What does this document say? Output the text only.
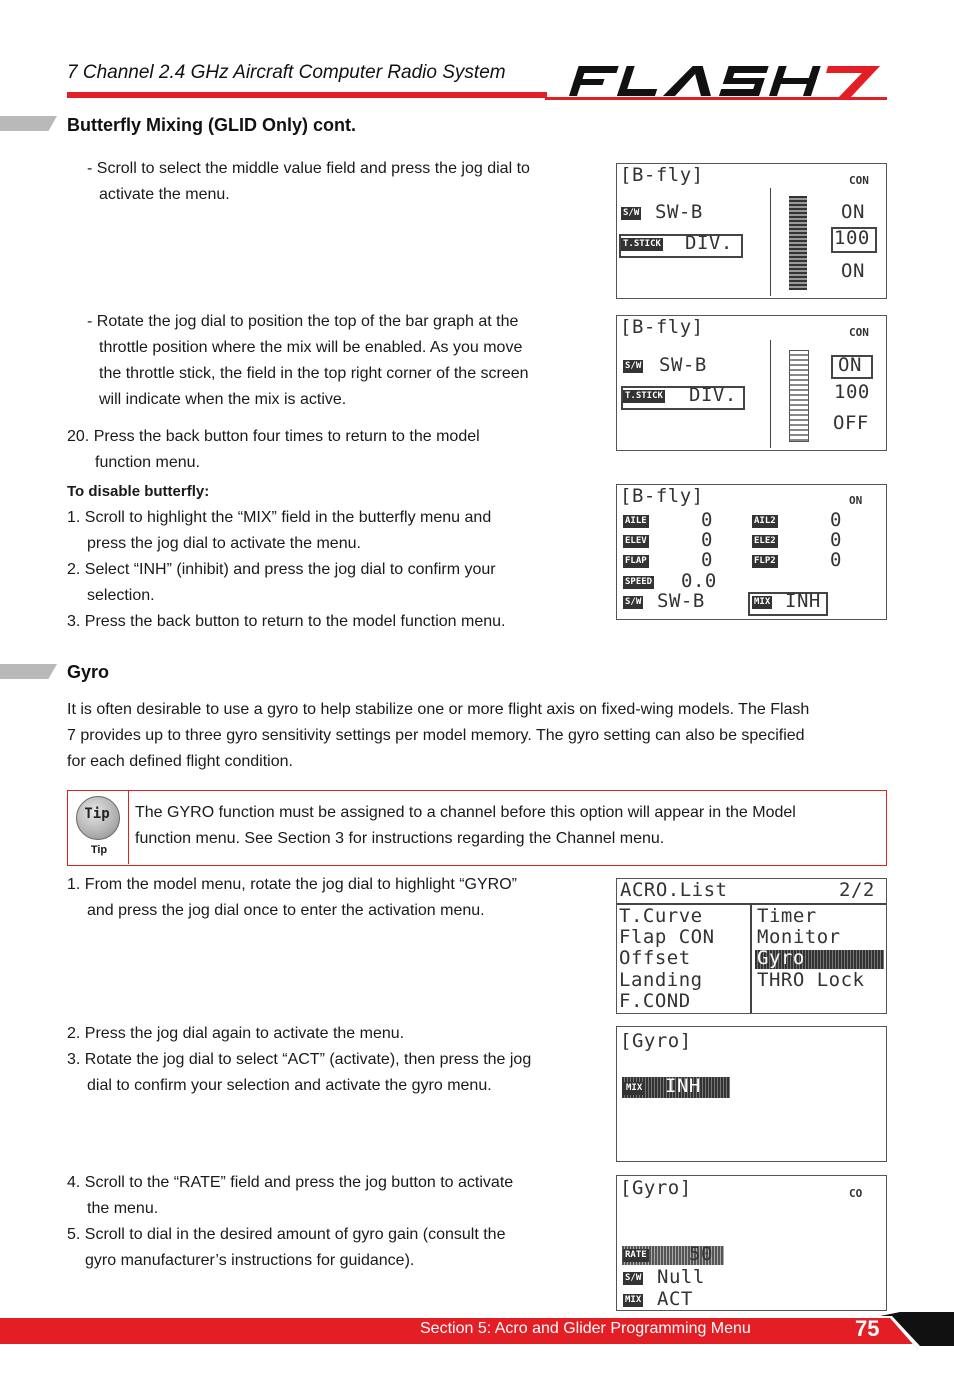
7 Channel 2.4 GHz Aircraft Computer Radio System
Butterfly Mixing (GLID Only) cont.
- Scroll to select the middle value field and press the jog dial to
activate the menu.
- Rotate the jog dial to position the top of the bar graph at the
throttle position where the mix will be enabled. As you move
the throttle stick, the field in the top right corner of the screen
will indicate when the mix is active.
20. Press the back button four times to return to the model
function menu.
To disable butterfly:
1. Scroll to highlight the “MIX” field in the butterfly menu and
press the jog dial to activate the menu.
2. Select “INH” (inhibit) and press the jog dial to confirm your
selection.
3. Press the back button to return to the model function menu.
[B-fly]	CON
S/W SW-B
T.STICK DIV.
ON
100
ON
[B-fly]	CON
S/W SW-B
T.STICK DIV.
ON
100
OFF
[B-fly]	ON
AILE	0	AIL2	0
ELEV	0	ELE2	0
FLAP	0	FLP2	0
SPEED 0.0
S/W SW-B	MIX INH
Gyro
It is often desirable to use a gyro to help stabilize one or more flight axis on fixed-wing models. The Flash
7 provides up to three gyro sensitivity settings per model memory. The gyro setting can also be specified
for each defined flight condition.
Tip
Tip
The GYRO function must be assigned to a channel before this option will appear in the Model
function menu. See Section 3 for instructions regarding the Channel menu.
1. From the model menu, rotate the jog dial to highlight “GYRO”
and press the jog dial once to enter the activation menu.
2. Press the jog dial again to activate the menu.
3. Rotate the jog dial to select “ACT” (activate), then press the jog
dial to confirm your selection and activate the gyro menu.
4. Scroll to the “RATE” field and press the jog button to activate
the menu.
5. Scroll to dial in the desired amount of gyro gain (consult the
gyro manufacturer’s instructions for guidance).
ACRO.List	2/2
T.Curve
Flap CON
Offset
Landing
F.COND
Timer
Monitor
Gyro
THRO Lock
[Gyro]
MIX INH
[Gyro]	CO
RATE 50
S/W Null
MIX ACT
Section 5: Acro and Glider Programming Menu	75
